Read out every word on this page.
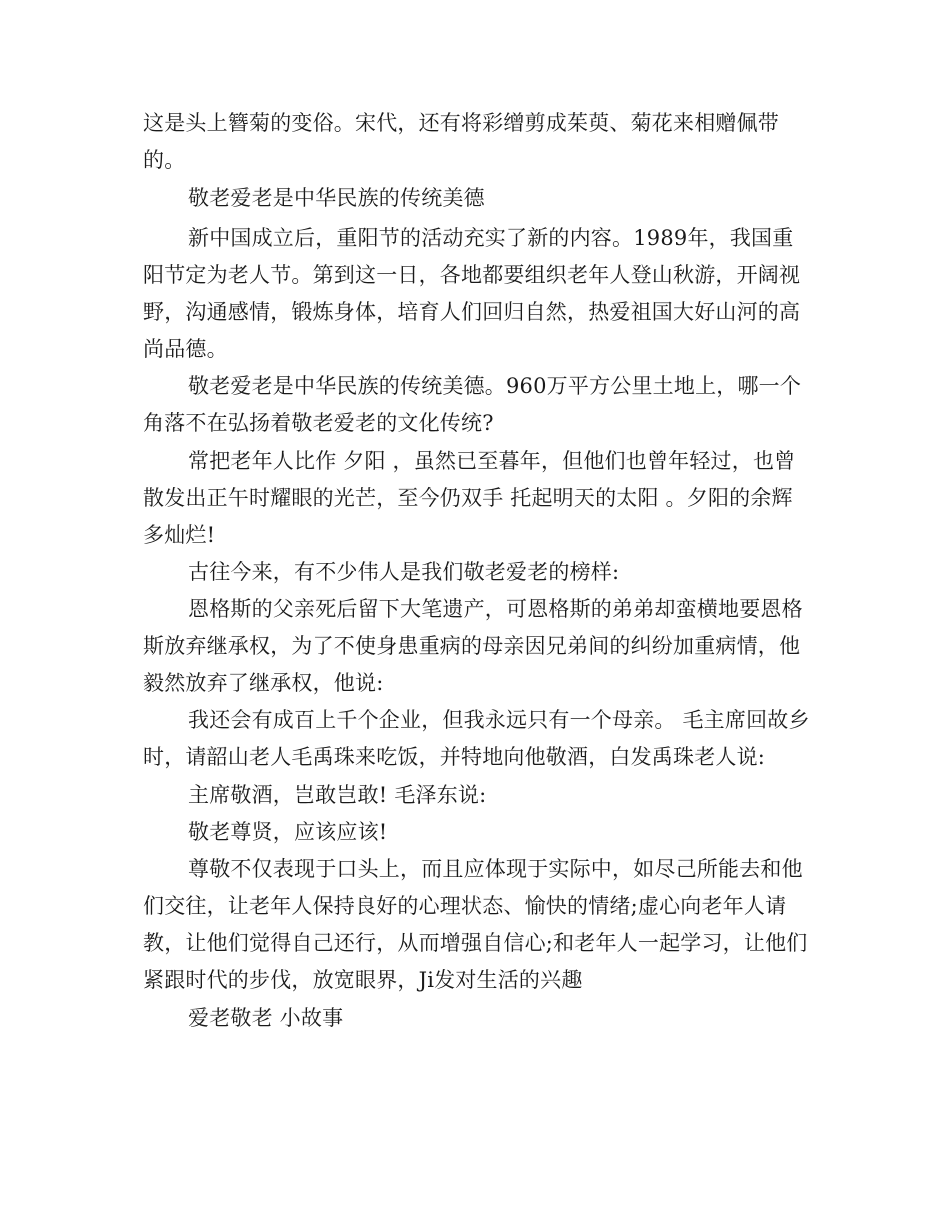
这是头上簪菊的变俗。宋代，还有将彩缯剪成茱萸、菊花来相赠佩带的。

敬老爱老是中华民族的传统美德

新中国成立后，重阳节的活动充实了新的内容。1989年，我国重阳节定为老人节。第到这一日，各地都要组织老年人登山秋游，开阔视野，沟通感情，锻炼身体，培育人们回归自然，热爱祖国大好山河的高尚品德。

敬老爱老是中华民族的传统美德。960万平方公里土地上，哪一个角落不在弘扬着敬老爱老的文化传统?

常把老年人比作 夕阳 ，虽然已至暮年，但他们也曾年轻过，也曾散发出正午时耀眼的光芒，至今仍双手 托起明天的太阳 。夕阳的余辉多灿烂!

古往今来，有不少伟人是我们敬老爱老的榜样:

恩格斯的父亲死后留下大笔遗产，可恩格斯的弟弟却蛮横地要恩格斯放弃继承权，为了不使身患重病的母亲因兄弟间的纠纷加重病情，他毅然放弃了继承权，他说:

我还会有成百上千个企业，但我永远只有一个母亲。 毛主席回故乡时，请韶山老人毛禹珠来吃饭，并特地向他敬酒，白发禹珠老人说:

主席敬酒，岂敢岂敢! 毛泽东说:

敬老尊贤，应该应该!

尊敬不仅表现于口头上，而且应体现于实际中，如尽己所能去和他们交往，让老年人保持良好的心理状态、愉快的情绪;虚心向老年人请教，让他们觉得自己还行，从而增强自信心;和老年人一起学习，让他们紧跟时代的步伐，放宽眼界，Ji发对生活的兴趣

爱老敬老 小故事
